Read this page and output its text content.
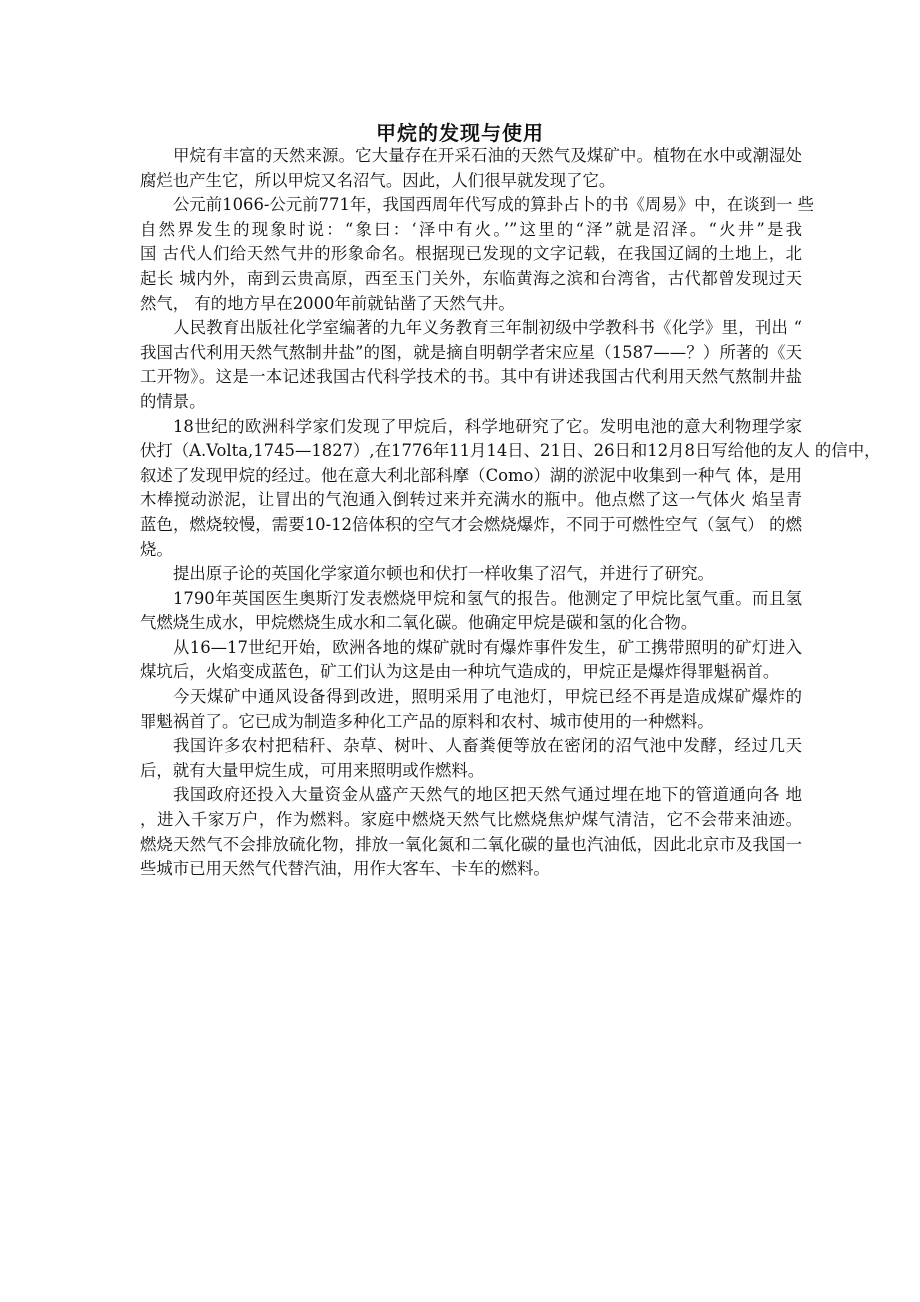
甲烷的发现与使用
甲烷有丰富的天然来源。它大量存在开采石油的天然气及煤矿中。植物在水中或潮湿处
腐烂也产生它，所以甲烷又名沼气。因此，人们很早就发现了它。
公元前1066-公元前771年，我国西周年代写成的算卦占卜的书《周易》中，在谈到一 些
自然界发生的现象时说：“象曰：‘泽中有火。’”这里的“泽”就是沼泽。“火井”是我
国 古代人们给天然气井的形象命名。根据现已发现的文字记载，在我国辽阔的土地上，北
起长 城内外，南到云贵高原，西至玉门关外，东临黄海之滨和台湾省，古代都曾发现过天
然气， 有的地方早在2000年前就钻凿了天然气井。
人民教育出版社化学室编著的九年义务教育三年制初级中学教科书《化学》里，刊出 “
我国古代利用天然气熬制井盐”的图，就是摘自明朝学者宋应星（1587——？）所著的《天
工开物》。这是一本记述我国古代科学技术的书。其中有讲述我国古代利用天然气熬制井盐
的情景。
18世纪的欧洲科学家们发现了甲烷后，科学地研究了它。发明电池的意大利物理学家
伏打（A.Volta,1745—1827）,在1776年11月14日、21日、26日和12月8日写给他的友人 的信中，
叙述了发现甲烷的经过。他在意大利北部科摩（Como）湖的淤泥中收集到一种气 体，是用
木棒搅动淤泥，让冒出的气泡通入倒转过来并充满水的瓶中。他点燃了这一气体火 焰呈青
蓝色，燃烧较慢，需要10-12倍体积的空气才会燃烧爆炸，不同于可燃性空气（氢气） 的燃
烧。
提出原子论的英国化学家道尔顿也和伏打一样收集了沼气，并进行了研究。
1790年英国医生奥斯汀发表燃烧甲烷和氢气的报告。他测定了甲烷比氢气重。而且氢
气燃烧生成水，甲烷燃烧生成水和二氧化碳。他确定甲烷是碳和氢的化合物。
从16—17世纪开始，欧洲各地的煤矿就时有爆炸事件发生，矿工携带照明的矿灯进入
煤坑后，火焰变成蓝色，矿工们认为这是由一种坑气造成的，甲烷正是爆炸得罪魁祸首。
今天煤矿中通风设备得到改进，照明采用了电池灯，甲烷已经不再是造成煤矿爆炸的
罪魁祸首了。它已成为制造多种化工产品的原料和农村、城市使用的一种燃料。
我国许多农村把秸秆、杂草、树叶、人畜粪便等放在密闭的沼气池中发酵，经过几天
后，就有大量甲烷生成，可用来照明或作燃料。
我国政府还投入大量资金从盛产天然气的地区把天然气通过埋在地下的管道通向各 地
，进入千家万户，作为燃料。家庭中燃烧天然气比燃烧焦炉煤气清洁，它不会带来油迹。
燃烧天然气不会排放硫化物，排放一氧化氮和二氧化碳的量也汽油低，因此北京市及我国一
些城市已用天然气代替汽油，用作大客车、卡车的燃料。
